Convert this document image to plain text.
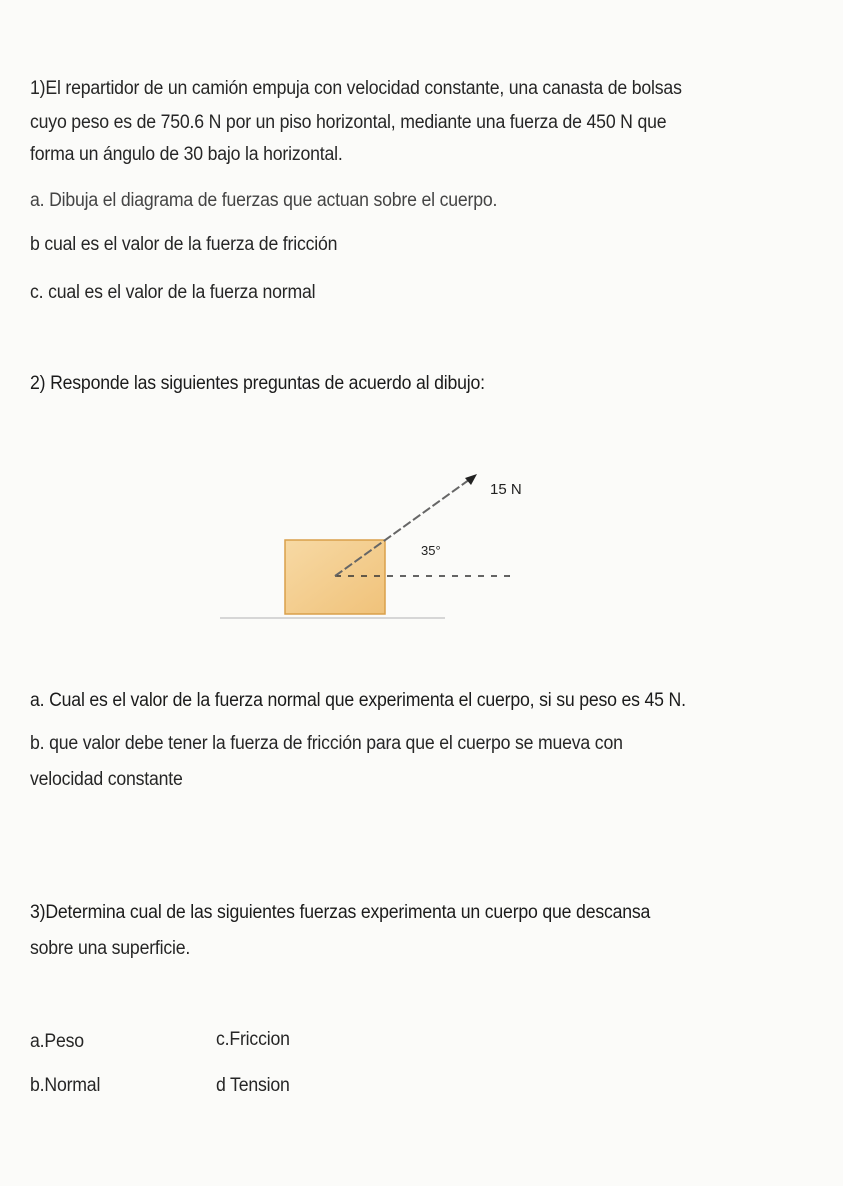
1)El repartidor de un camión empuja con velocidad constante, una canasta de bolsas

cuyo peso es de 750.6 N por un piso horizontal, mediante una fuerza de 450 N que

forma un ángulo de 30 bajo la horizontal.

a. Dibuja el diagrama de fuerzas que actuan sobre el cuerpo.

b cual es el valor de la fuerza de fricción

c. cual es el valor de la fuerza normal

2) Responde las siguientes preguntas de acuerdo al dibujo:

15 N
35°

a. Cual es el valor de la fuerza normal que experimenta el cuerpo, si su peso es 45 N.

b. que valor debe tener la fuerza de fricción para que el cuerpo se mueva con

velocidad constante

3)Determina cual de las siguientes fuerzas experimenta un cuerpo que descansa

sobre una superficie.

a.Peso	c.Friccion

b.Normal	d Tension
